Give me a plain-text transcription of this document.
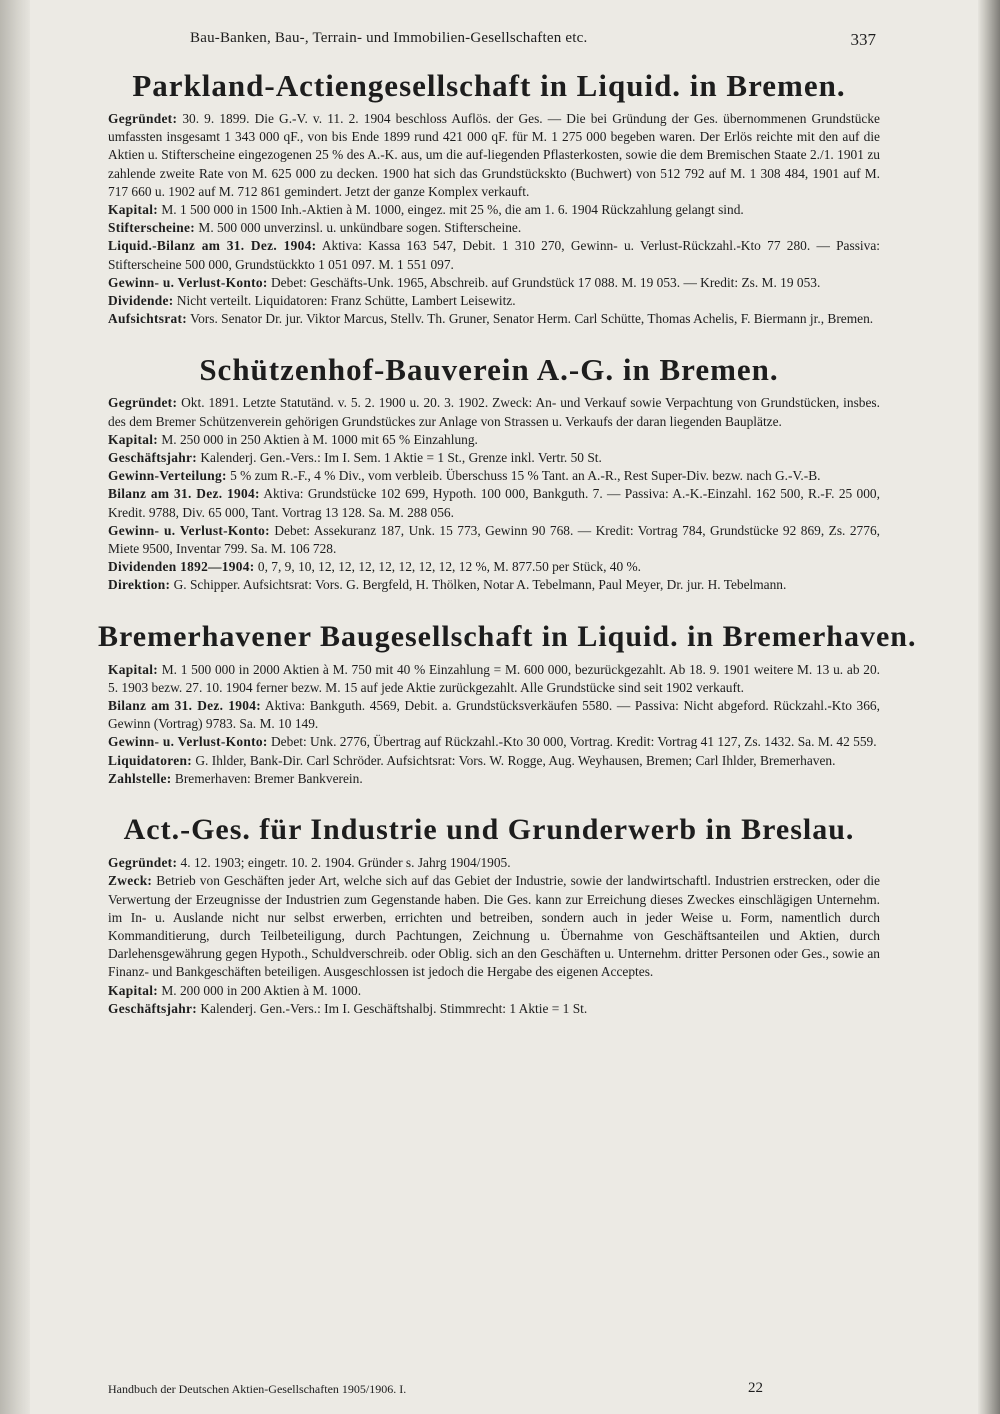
Bau-Banken, Bau-, Terrain- und Immobilien-Gesellschaften etc.	337
Parkland-Actiengesellschaft in Liquid. in Bremen.

Gegründet: 30. 9. 1899. Die G.-V. v. 11. 2. 1904 beschloss Auflös. der Ges. — Die bei Gründung der Ges. übernommenen Grundstücke umfassten insgesamt 1 343 000 qF., von bis Ende 1899 rund 421 000 qF. für M. 1 275 000 begeben waren. Der Erlös reichte mit den auf die Aktien u. Stifterscheine eingezogenen 25 % des A.-K. aus, um die auf-liegenden Pflasterkosten, sowie die dem Bremischen Staate 2./1. 1901 zu zahlende zweite Rate von M. 625 000 zu decken. 1900 hat sich das Grundstückskto (Buchwert) von 512 792 auf M. 1 308 484, 1901 auf M. 717 660 u. 1902 auf M. 712 861 gemindert. Jetzt der ganze Komplex verkauft.

Kapital: M. 1 500 000 in 1500 Inh.-Aktien à M. 1000, eingez. mit 25 %, die am 1. 6. 1904 Rückzahlung gelangt sind.

Stifterscheine: M. 500 000 unverzinsl. u. unkündbare sogen. Stifterscheine.

Liquid.-Bilanz am 31. Dez. 1904: Aktiva: Kassa 163 547, Debit. 1 310 270, Gewinn- u. Verlust-Rückzahl.-Kto 77 280. — Passiva: Stifterscheine 500 000, Grundstückkto 1 051 097. M. 1 551 097.

Gewinn- u. Verlust-Konto: Debet: Geschäfts-Unk. 1965, Abschreib. auf Grundstück 17 088. M. 19 053. — Kredit: Zs. M. 19 053.

Dividende: Nicht verteilt. Liquidatoren: Franz Schütte, Lambert Leisewitz.

Aufsichtsrat: Vors. Senator Dr. jur. Viktor Marcus, Stellv. Th. Gruner, Senator Herm. Carl Schütte, Thomas Achelis, F. Biermann jr., Bremen.

Schützenhof-Bauverein A.-G. in Bremen.

Gegründet: Okt. 1891. Letzte Statutänd. v. 5. 2. 1900 u. 20. 3. 1902. Zweck: An- und Verkauf sowie Verpachtung von Grundstücken, insbes. des dem Bremer Schützenverein gehörigen Grundstückes zur Anlage von Strassen u. Verkaufs der daran liegenden Bauplätze.

Kapital: M. 250 000 in 250 Aktien à M. 1000 mit 65 % Einzahlung.

Geschäftsjahr: Kalenderj. Gen.-Vers.: Im I. Sem. 1 Aktie = 1 St., Grenze inkl. Vertr. 50 St.

Gewinn-Verteilung: 5 % zum R.-F., 4 % Div., vom verbleib. Überschuss 15 % Tant. an A.-R., Rest Super-Div. bezw. nach G.-V.-B.

Bilanz am 31. Dez. 1904: Aktiva: Grundstücke 102 699, Hypoth. 100 000, Bankguth. 7. — Passiva: A.-K.-Einzahl. 162 500, R.-F. 25 000, Kredit. 9788, Div. 65 000, Tant. Vortrag 13 128. Sa. M. 288 056.

Gewinn- u. Verlust-Konto: Debet: Assekuranz 187, Unk. 15 773, Gewinn 90 768. — Kredit: Vortrag 784, Grundstücke 92 869, Zs. 2776, Miete 9500, Inventar 799. Sa. M. 106 728.

Dividenden 1892—1904: 0, 7, 9, 10, 12, 12, 12, 12, 12, 12, 12, 12 %, M. 877.50 per Stück, 40 %.

Direktion: G. Schipper. Aufsichtsrat: Vors. G. Bergfeld, H. Thölken, Notar A. Tebelmann, Paul Meyer, Dr. jur. H. Tebelmann.

Bremerhavener Baugesellschaft in Liquid. in Bremerhaven.

Kapital: M. 1 500 000 in 2000 Aktien à M. 750 mit 40 % Einzahlung = M. 600 000, bezurückgezahlt. Ab 18. 9. 1901 weitere M. 13 u. ab 20. 5. 1903 bezw. 27. 10. 1904 ferner bezw. M. 15 auf jede Aktie zurückgezahlt. Alle Grundstücke sind seit 1902 verkauft.

Bilanz am 31. Dez. 1904: Aktiva: Bankguth. 4569, Debit. a. Grundstücksverkäufen 5580. — Passiva: Nicht abgeford. Rückzahl.-Kto 366, Gewinn (Vortrag) 9783. Sa. M. 10 149.

Gewinn- u. Verlust-Konto: Debet: Unk. 2776, Übertrag auf Rückzahl.-Kto 30 000, Vortrag. Kredit: Vortrag 41 127, Zs. 1432. Sa. M. 42 559.

Liquidatoren: G. Ihlder, Bank-Dir. Carl Schröder. Aufsichtsrat: Vors. W. Rogge, Aug. Weyhausen, Bremen; Carl Ihlder, Bremerhaven.

Zahlstelle: Bremerhaven: Bremer Bankverein.

Act.-Ges. für Industrie und Grunderwerb in Breslau.

Gegründet: 4. 12. 1903; eingetr. 10. 2. 1904. Gründer s. Jahrg 1904/1905.

Zweck: Betrieb von Geschäften jeder Art, welche sich auf das Gebiet der Industrie, sowie der landwirtschaftl. Industrien erstrecken, oder die Verwertung der Erzeugnisse der Industrien zum Gegenstande haben. Die Ges. kann zur Erreichung dieses Zweckes einschlägigen Unternehm. im In- u. Auslande nicht nur selbst erwerben, errichten und betreiben, sondern auch in jeder Weise u. Form, namentlich durch Kommanditierung, durch Teilbeteiligung, durch Pachtungen, Zeichnung u. Übernahme von Geschäftsanteilen und Aktien, durch Darlehensgewährung gegen Hypoth., Schuldverschreib. oder Oblig. sich an den Geschäften u. Unternehm. dritter Personen oder Ges., sowie an Finanz- und Bankgeschäften beteiligen. Ausgeschlossen ist jedoch die Hergabe des eigenen Acceptes.

Kapital: M. 200 000 in 200 Aktien à M. 1000.

Geschäftsjahr: Kalenderj. Gen.-Vers.: Im I. Geschäftshalbj. Stimmrecht: 1 Aktie = 1 St.

Handbuch der Deutschen Aktien-Gesellschaften 1905/1906. I.	22
